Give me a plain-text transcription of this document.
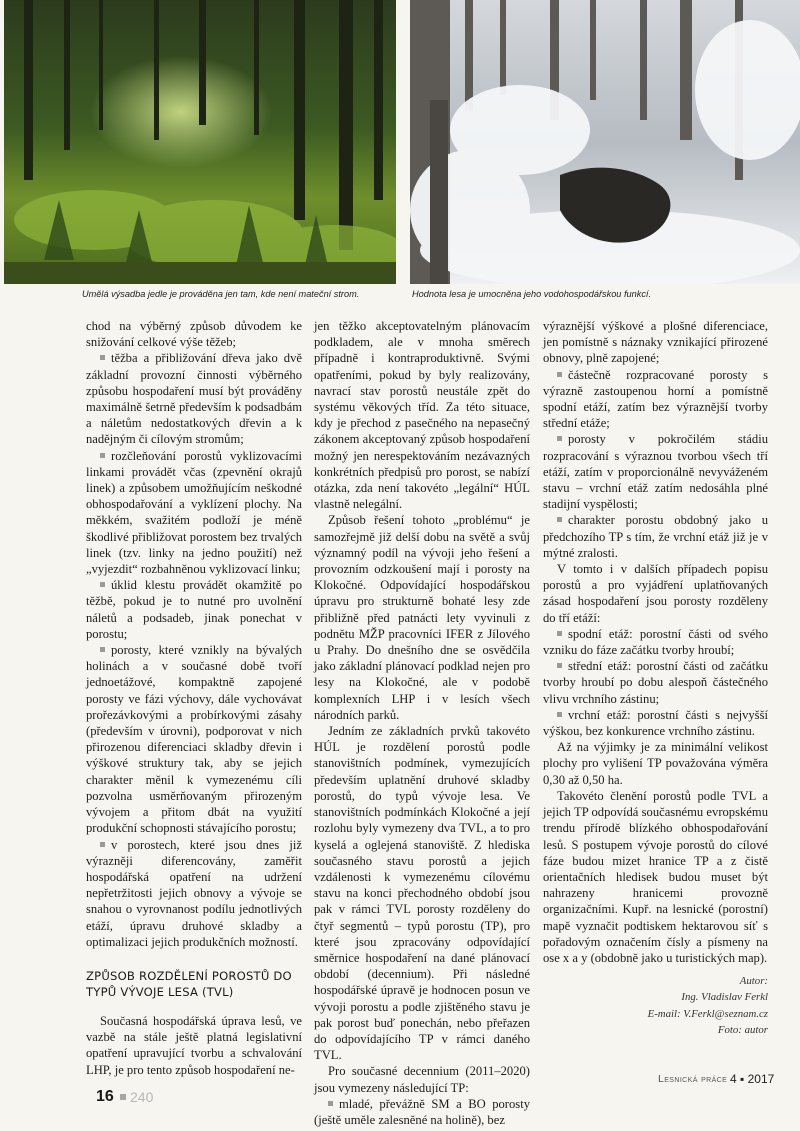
Umělá výsadba jedle je prováděna jen tam, kde není mateční strom.	Hodnota lesa je umocněna jeho vodohospodářskou funkcí.

chod na výběrný způsob důvodem ke snižování celkové výše těžeb;

těžba a přibližování dřeva jako dvě základní provozní činnosti výběrného způsobu hospodaření musí být prováděny maximálně šetrně především k podsadbám a náletům nedostatkových dřevin a k nadějným či cílovým stromům;

rozčleňování porostů vyklizovacími linkami provádět včas (zpevnění okrajů linek) a způsobem umožňujícím neškodné obhospodařování a vyklízení plochy. Na měkkém, svažitém podloží je méně škodlivé přibližovat porostem bez trvalých linek (tzv. linky na jedno použití) než „vyjezdit“ rozbahněnou vyklizovací linku;

úklid klestu provádět okamžitě po těžbě, pokud je to nutné pro uvolnění náletů a podsadeb, jinak ponechat v porostu;

porosty, které vznikly na bývalých holinách a v současné době tvoří jednoetážové, kompaktně zapojené porosty ve fázi výchovy, dále vychovávat prořezávkovými a probírkovými zásahy (především v úrovni), podporovat v nich přirozenou diferenciaci skladby dřevin i výškové struktury tak, aby se jejich charakter měnil k vymezenému cíli pozvolna usměrňovaným přirozeným vývojem a přitom dbát na využití produkční schopnosti stávajícího porostu;

v porostech, které jsou dnes již výrazněji diferencovány, zaměřit hospodářská opatření na udržení nepřetržitosti jejich obnovy a vývoje se snahou o vyrovnanost podílu jednotlivých etáží, úpravu druhové skladby a optimalizaci jejich produkčních možností.

ZPŮSOB ROZDĚLENÍ POROSTŮ DO TYPŮ VÝVOJE LESA (TVL)

Současná hospodářská úprava lesů, ve vazbě na stále ještě platná legislativní opatření upravující tvorbu a schvalování LHP, je pro tento způsob hospodaření ne-

jen těžko akceptovatelným plánovacím podkladem, ale v mnoha směrech případně i kontraproduktivně. Svými opatřeními, pokud by byly realizovány, navrací stav porostů neustále zpět do systému věkových tříd. Za této situace, kdy je přechod z pasečného na nepasečný zákonem akceptovaný způsob hospodaření možný jen nerespektováním nezávazných konkrétních předpisů pro porost, se nabízí otázka, zda není takovéto „legální“ HÚL vlastně nelegální.

Způsob řešení tohoto „problému“ je samozřejmě již delší dobu na světě a svůj významný podíl na vývoji jeho řešení a provozním odzkoušení mají i porosty na Klokočné. Odpovídající hospodářskou úpravu pro strukturně bohaté lesy zde přibližně před patnácti lety vyvinuli z podnětu MŽP pracovníci IFER z Jílového u Prahy. Do dnešního dne se osvědčila jako základní plánovací podklad nejen pro lesy na Klokočné, ale v podobě komplexních LHP i v lesích všech národních parků.

Jedním ze základních prvků takovéto HÚL je rozdělení porostů podle stanovištních podmínek, vymezujících především uplatnění druhové skladby porostů, do typů vývoje lesa. Ve stanovištních podmínkách Klokočné a její rozlohu byly vymezeny dva TVL, a to pro kyselá a oglejená stanoviště. Z hlediska současného stavu porostů a jejich vzdálenosti k vymezenému cílovému stavu na konci přechodného období jsou pak v rámci TVL porosty rozděleny do čtyř segmentů – typů porostu (TP), pro které jsou zpracovány odpovídající směrnice hospodaření na dané plánovací období (decennium). Při následné hospodářské úpravě je hodnocen posun ve vývoji porostu a podle zjištěného stavu je pak porost buď ponechán, nebo přeřazen do odpovídajícího TP v rámci daného TVL.

Pro současné decennium (2011–2020) jsou vymezeny následující TP:

mladé, převážně SM a BO porosty (ještě uměle zalesněné na holině), bez

výraznější výškové a plošné diferenciace, jen pomístně s náznaky vznikající přirozené obnovy, plně zapojené;

částečně rozpracované porosty s výrazně zastoupenou horní a pomístně spodní etáží, zatím bez výraznější tvorby střední etáže;

porosty v pokročilém stádiu rozpracování s výraznou tvorbou všech tří etáží, zatím v proporcionálně nevyváženém stavu – vrchní etáž zatím nedosáhla plné stadijní vyspělosti;

charakter porostu obdobný jako u předchozího TP s tím, že vrchní etáž již je v mýtné zralosti.

V tomto i v dalších případech popisu porostů a pro vyjádření uplatňovaných zásad hospodaření jsou porosty rozděleny do tří etáží:

spodní etáž: porostní části od svého vzniku do fáze začátku tvorby hroubí;

střední etáž: porostní části od začátku tvorby hroubí po dobu alespoň částečného vlivu vrchního zástinu;

vrchní etáž: porostní části s nejvyšší výškou, bez konkurence vrchního zástinu.

Až na výjimky je za minimální velikost plochy pro vylišení TP považována výměra 0,30 až 0,50 ha.

Takovéto členění porostů podle TVL a jejich TP odpovídá současnému evropskému trendu přírodě blízkého obhospodařování lesů. S postupem vývoje porostů do cílové fáze budou mizet hranice TP a z čistě orientačních hledisek budou muset být nahrazeny hranicemi provozně organizačními. Kupř. na lesnické (porostní) mapě vyznačit podtiskem hektarovou síť s pořadovým označením čísly a písmeny na ose x a y (obdobně jako u turistických map).

Autor:
Ing. Vladislav Ferkl
E-mail: V.Ferkl@seznam.cz
Foto: autor
16 240
Lesnická práce 4 ▪ 2017
